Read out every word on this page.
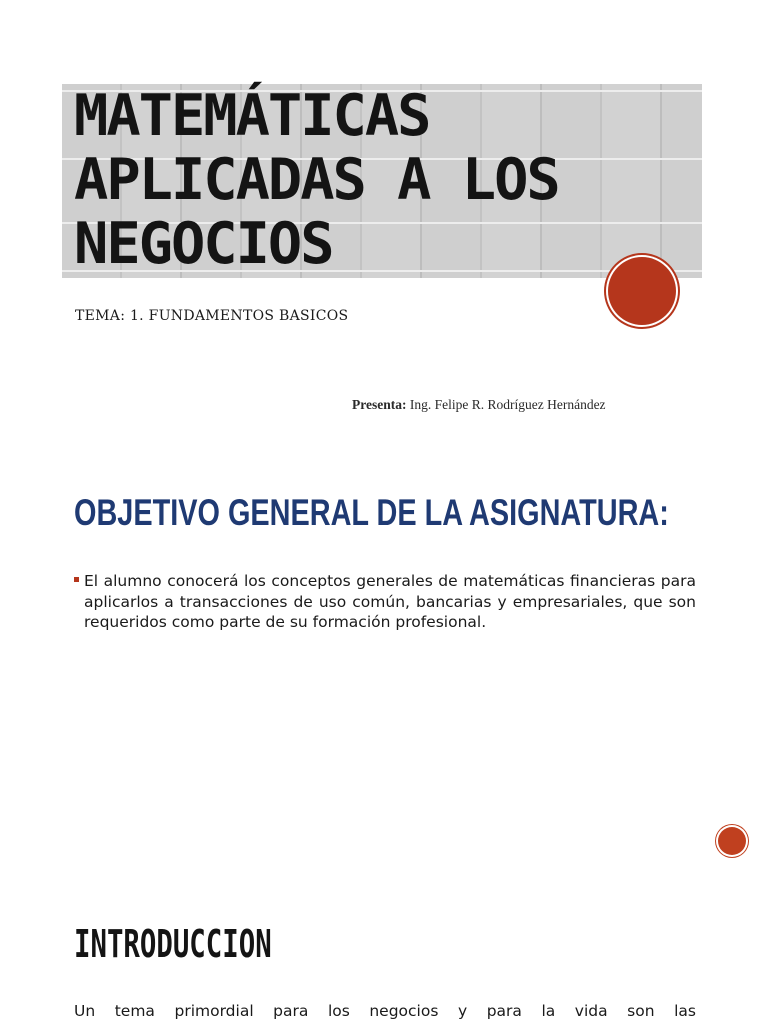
MATEMÁTICAS
APLICADAS A LOS
NEGOCIOS

TEMA: 1. FUNDAMENTOS BASICOS

Presenta: Ing. Felipe R. Rodríguez Hernández

OBJETIVO GENERAL DE LA ASIGNATURA:

El alumno conocerá los conceptos generales de matemáticas financieras para aplicarlos a transacciones de uso común, bancarias y empresariales, que son requeridos como parte de su formación profesional.

INTRODUCCION

Un tema primordial para los negocios y para la vida son las
